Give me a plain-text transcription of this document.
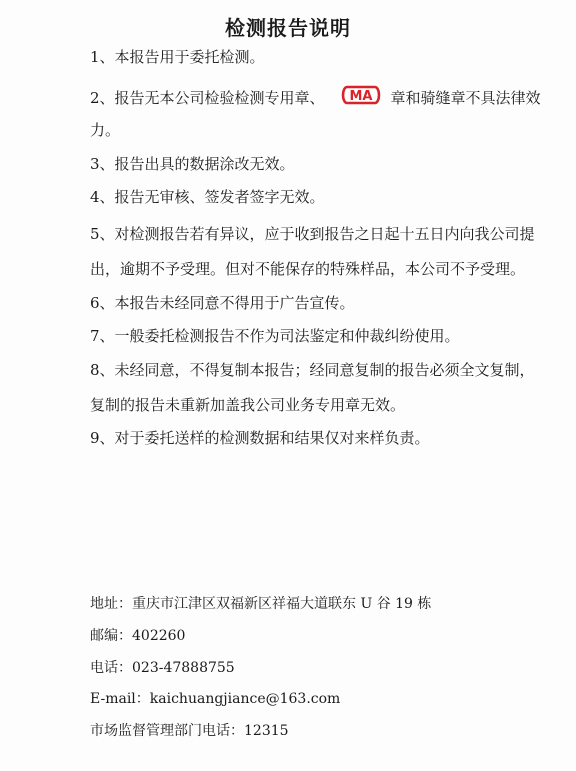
检测报告说明
1、本报告用于委托检测。
2、报告无本公司检验检测专用章、 MA 章和骑缝章不具法律效
力。
3、报告出具的数据涂改无效。
4、报告无审核、签发者签字无效。
5、对检测报告若有异议，应于收到报告之日起十五日内向我公司提
出，逾期不予受理。但对不能保存的特殊样品，本公司不予受理。
6、本报告未经同意不得用于广告宣传。
7、一般委托检测报告不作为司法鉴定和仲裁纠纷使用。
8、未经同意，不得复制本报告；经同意复制的报告必须全文复制，
复制的报告未重新加盖我公司业务专用章无效。
9、对于委托送样的检测数据和结果仅对来样负责。
地址：重庆市江津区双福新区祥福大道联东 U 谷 19 栋
邮编：402260
电话：023-47888755
E-mail：kaichuangjiance@163.com
市场监督管理部门电话：12315
